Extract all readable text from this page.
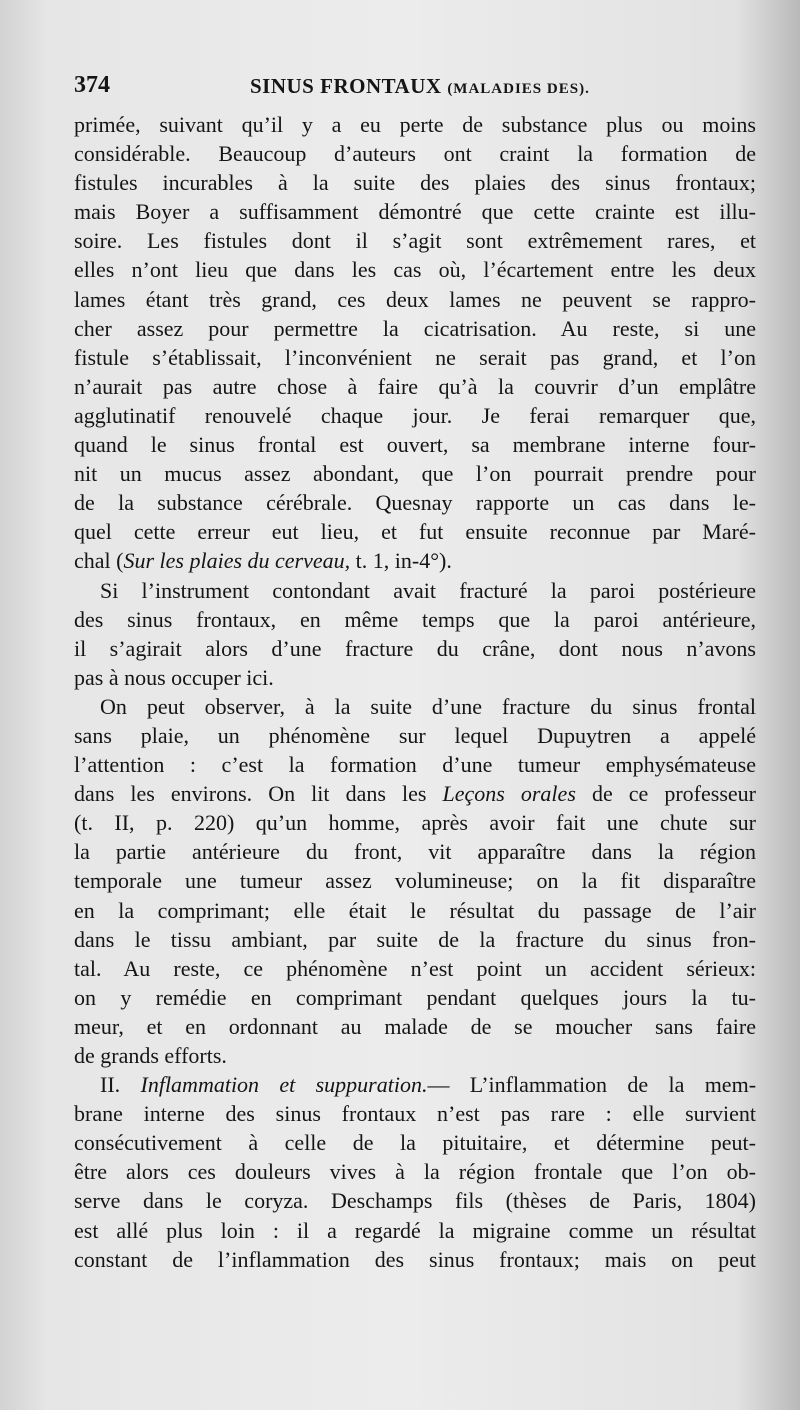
374	SINUS FRONTAUX (MALADIES DES).
primée, suivant qu’il y a eu perte de substance plus ou moins
considérable. Beaucoup d’auteurs ont craint la formation de
fistules incurables à la suite des plaies des sinus frontaux;
mais Boyer a suffisamment démontré que cette crainte est illu-
soire. Les fistules dont il s’agit sont extrêmement rares, et
elles n’ont lieu que dans les cas où, l’écartement entre les deux
lames étant très grand, ces deux lames ne peuvent se rappro-
cher assez pour permettre la cicatrisation. Au reste, si une
fistule s’établissait, l’inconvénient ne serait pas grand, et l’on
n’aurait pas autre chose à faire qu’à la couvrir d’un emplâtre
agglutinatif renouvelé chaque jour. Je ferai remarquer que,
quand le sinus frontal est ouvert, sa membrane interne four-
nit un mucus assez abondant, que l’on pourrait prendre pour
de la substance cérébrale. Quesnay rapporte un cas dans le-
quel cette erreur eut lieu, et fut ensuite reconnue par Maré-
chal (Sur les plaies du cerveau, t. 1, in-4°).
Si l’instrument contondant avait fracturé la paroi postérieure
des sinus frontaux, en même temps que la paroi antérieure,
il s’agirait alors d’une fracture du crâne, dont nous n’avons
pas à nous occuper ici.
On peut observer, à la suite d’une fracture du sinus frontal
sans plaie, un phénomène sur lequel Dupuytren a appelé
l’attention : c’est la formation d’une tumeur emphysémateuse
dans les environs. On lit dans les Leçons orales de ce professeur
(t. II, p. 220) qu’un homme, après avoir fait une chute sur
la partie antérieure du front, vit apparaître dans la région
temporale une tumeur assez volumineuse; on la fit disparaître
en la comprimant; elle était le résultat du passage de l’air
dans le tissu ambiant, par suite de la fracture du sinus fron-
tal. Au reste, ce phénomène n’est point un accident sérieux:
on y remédie en comprimant pendant quelques jours la tu-
meur, et en ordonnant au malade de se moucher sans faire
de grands efforts.
II. Inflammation et suppuration.— L’inflammation de la mem-
brane interne des sinus frontaux n’est pas rare : elle survient
consécutivement à celle de la pituitaire, et détermine peut-
être alors ces douleurs vives à la région frontale que l’on ob-
serve dans le coryza. Deschamps fils (thèses de Paris, 1804)
est allé plus loin : il a regardé la migraine comme un résultat
constant de l’inflammation des sinus frontaux; mais on peut
